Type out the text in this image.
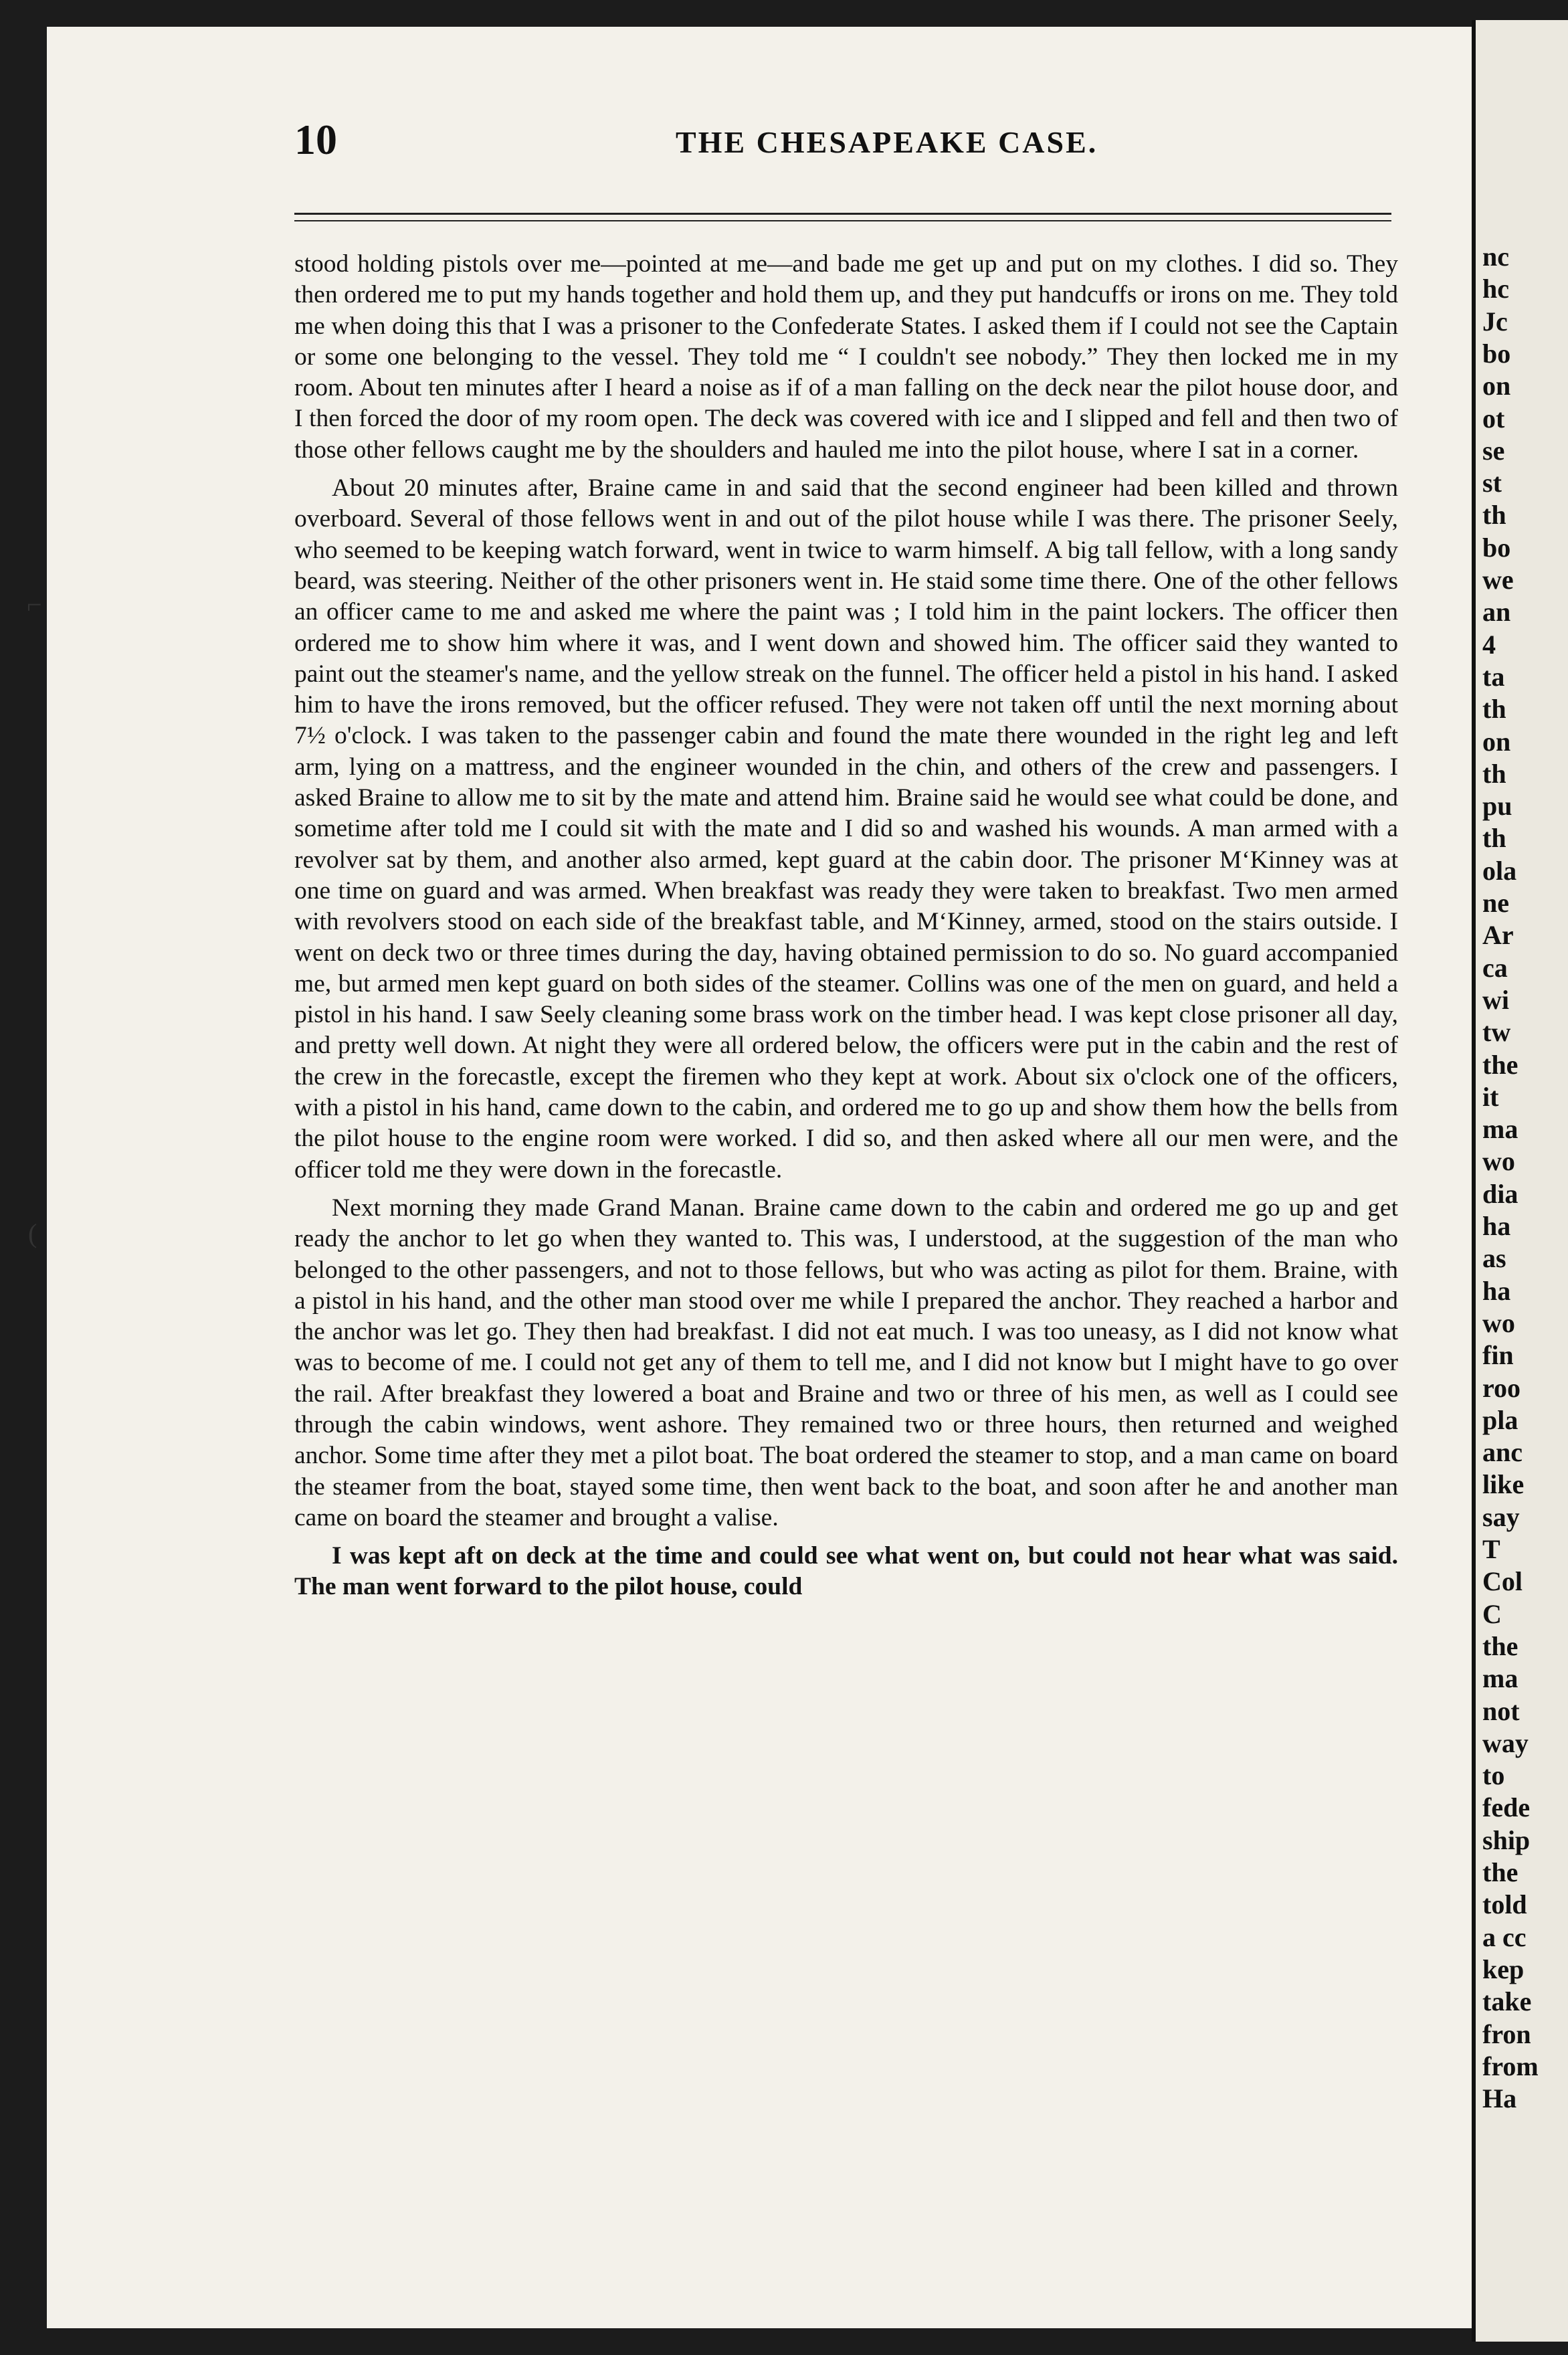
10	THE CHESAPEAKE CASE.

stood holding pistols over me—pointed at me—and bade me get up and put on my clothes. I did so. They then ordered me to put my hands together and hold them up, and they put handcuffs or irons on me. They told me when doing this that I was a prisoner to the Confederate States. I asked them if I could not see the Captain or some one belonging to the vessel. They told me “ I couldn't see nobody.” They then locked me in my room. About ten minutes after I heard a noise as if of a man falling on the deck near the pilot house door, and I then forced the door of my room open. The deck was covered with ice and I slipped and fell and then two of those other fellows caught me by the shoulders and hauled me into the pilot house, where I sat in a corner.

About 20 minutes after, Braine came in and said that the second engineer had been killed and thrown overboard. Several of those fellows went in and out of the pilot house while I was there. The prisoner Seely, who seemed to be keeping watch forward, went in twice to warm himself. A big tall fellow, with a long sandy beard, was steering. Neither of the other prisoners went in. He staid some time there. One of the other fellows an officer came to me and asked me where the paint was ; I told him in the paint lockers. The officer then ordered me to show him where it was, and I went down and showed him. The officer said they wanted to paint out the steamer's name, and the yellow streak on the funnel. The officer held a pistol in his hand. I asked him to have the irons removed, but the officer refused. They were not taken off until the next morning about 7½ o'clock. I was taken to the passenger cabin and found the mate there wounded in the right leg and left arm, lying on a mattress, and the engineer wounded in the chin, and others of the crew and passengers. I asked Braine to allow me to sit by the mate and attend him. Braine said he would see what could be done, and sometime after told me I could sit with the mate and I did so and washed his wounds. A man armed with a revolver sat by them, and another also armed, kept guard at the cabin door. The prisoner M‘Kinney was at one time on guard and was armed. When breakfast was ready they were taken to breakfast. Two men armed with revolvers stood on each side of the breakfast table, and M‘Kinney, armed, stood on the stairs outside. I went on deck two or three times during the day, having obtained permission to do so. No guard accompanied me, but armed men kept guard on both sides of the steamer. Collins was one of the men on guard, and held a pistol in his hand. I saw Seely cleaning some brass work on the timber head. I was kept close prisoner all day, and pretty well down. At night they were all ordered below, the officers were put in the cabin and the rest of the crew in the forecastle, except the firemen who they kept at work. About six o'clock one of the officers, with a pistol in his hand, came down to the cabin, and ordered me to go up and show them how the bells from the pilot house to the engine room were worked. I did so, and then asked where all our men were, and the officer told me they were down in the forecastle.

Next morning they made Grand Manan. Braine came down to the cabin and ordered me go up and get ready the anchor to let go when they wanted to. This was, I understood, at the suggestion of the man who belonged to the other passengers, and not to those fellows, but who was acting as pilot for them. Braine, with a pistol in his hand, and the other man stood over me while I prepared the anchor. They reached a harbor and the anchor was let go. They then had breakfast. I did not eat much. I was too uneasy, as I did not know what was to become of me. I could not get any of them to tell me, and I did not know but I might have to go over the rail. After breakfast they lowered a boat and Braine and two or three of his men, as well as I could see through the cabin windows, went ashore. They remained two or three hours, then returned and weighed anchor. Some time after they met a pilot boat. The boat ordered the steamer to stop, and a man came on board the steamer from the boat, stayed some time, then went back to the boat, and soon after he and another man came on board the steamer and brought a valise.

I was kept aft on deck at the time and could see what went on, but could not hear what was said. The man went forward to the pilot house, could

⌐
(
nc
hc
Jc
bo
on
ot
se
st
th
bo
we
an
4
ta
th
on
th
pu
th
ola
ne
Ar
ca
wi
tw
the
it
ma
wo
dia
ha
as
ha
wo
fin
roo
pla
anc
like
say
T
Col
C
the
ma
not
way
to
fede
ship
the
told
a cc
kep
take
fron
from
Ha
